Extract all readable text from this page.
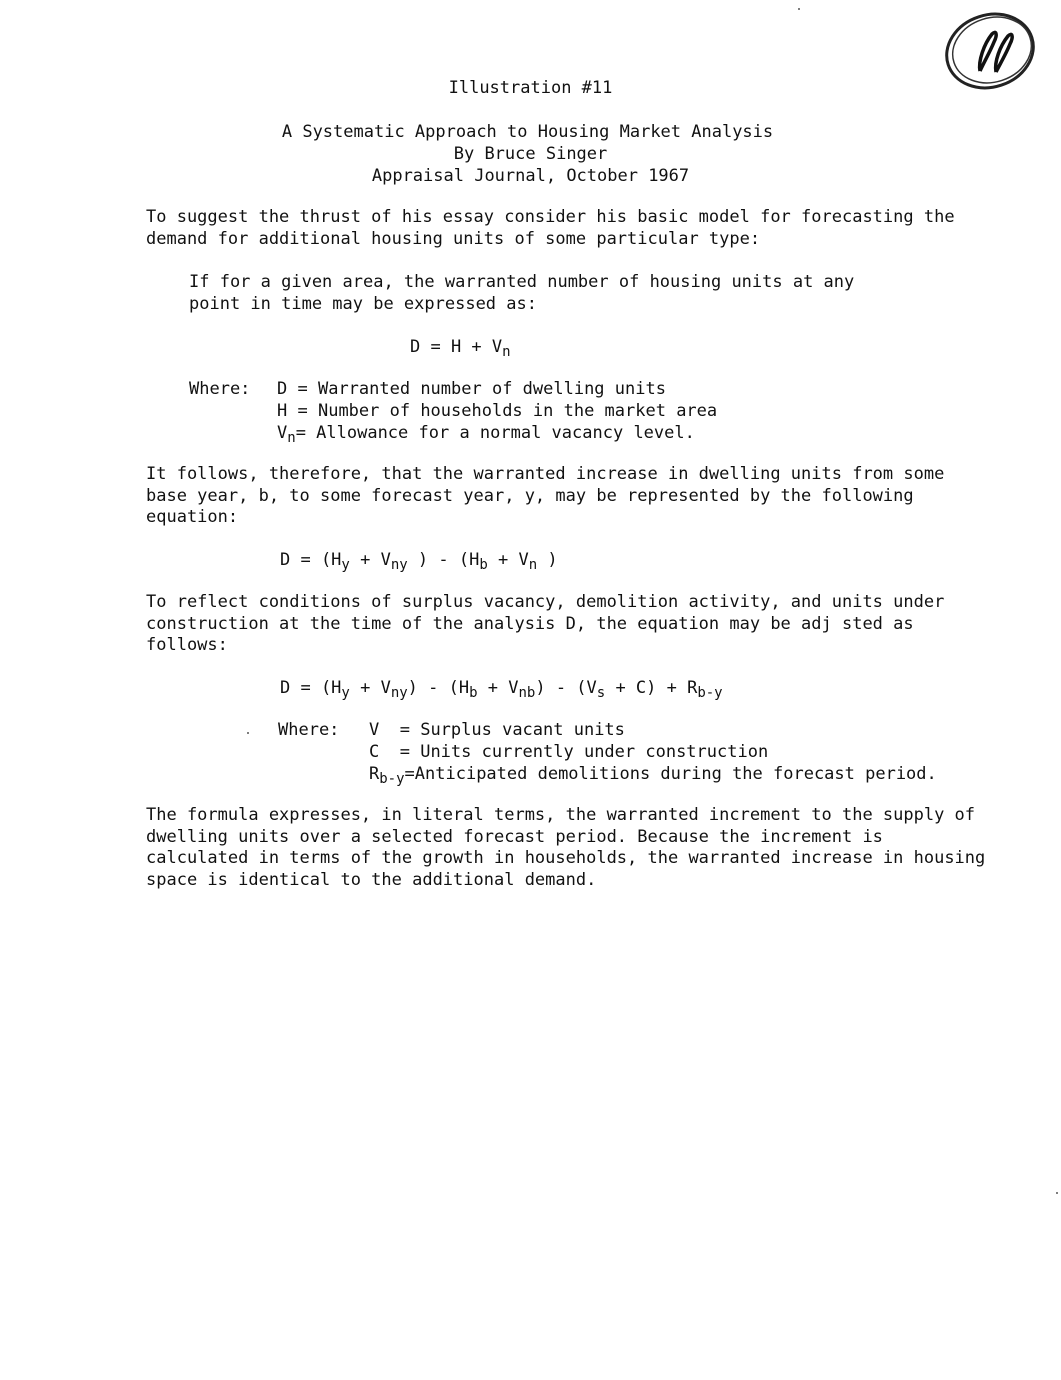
Illustration #11
A Systematic Approach to Housing Market Analysis
By Bruce Singer
Appraisal Journal, October 1967
To suggest the thrust of his essay consider his basic model for forecasting the demand for additional housing units of some particular type:
If for a given area, the warranted number of housing units at any
point in time may be expressed as:
$D = H + V_n$
Where: D = Warranted number of dwelling units
H = Number of households in the market area
$V_n=$ Allowance for a normal vacancy level.
It follows, therefore, that the warranted increase in dwelling units from some base year, b, to some forecast year, y, may be represented by the following equation:
$D = (H_y + V_{ny}$ ) - ($H_b + V_n$ )
To reflect conditions of surplus vacancy, demolition activity, and units under construction at the time of the analysis D, the equation may be adj sted as follows:
$D = (H_y + V_{ny}) - (H_b + V_{nb}) - (V_s + C) + R_{b-y}$
Where: V = Surplus vacant units
C = Units currently under construction
$R_{b-y}=Anticipated$ demolitions during the forecast period.
The formula expresses, in literal terms, the warranted increment to the supply of dwelling units over a selected forecast period. Because the increment is calculated in terms of the growth in households, the warranted increase in housing space is identical to the additional demand.
